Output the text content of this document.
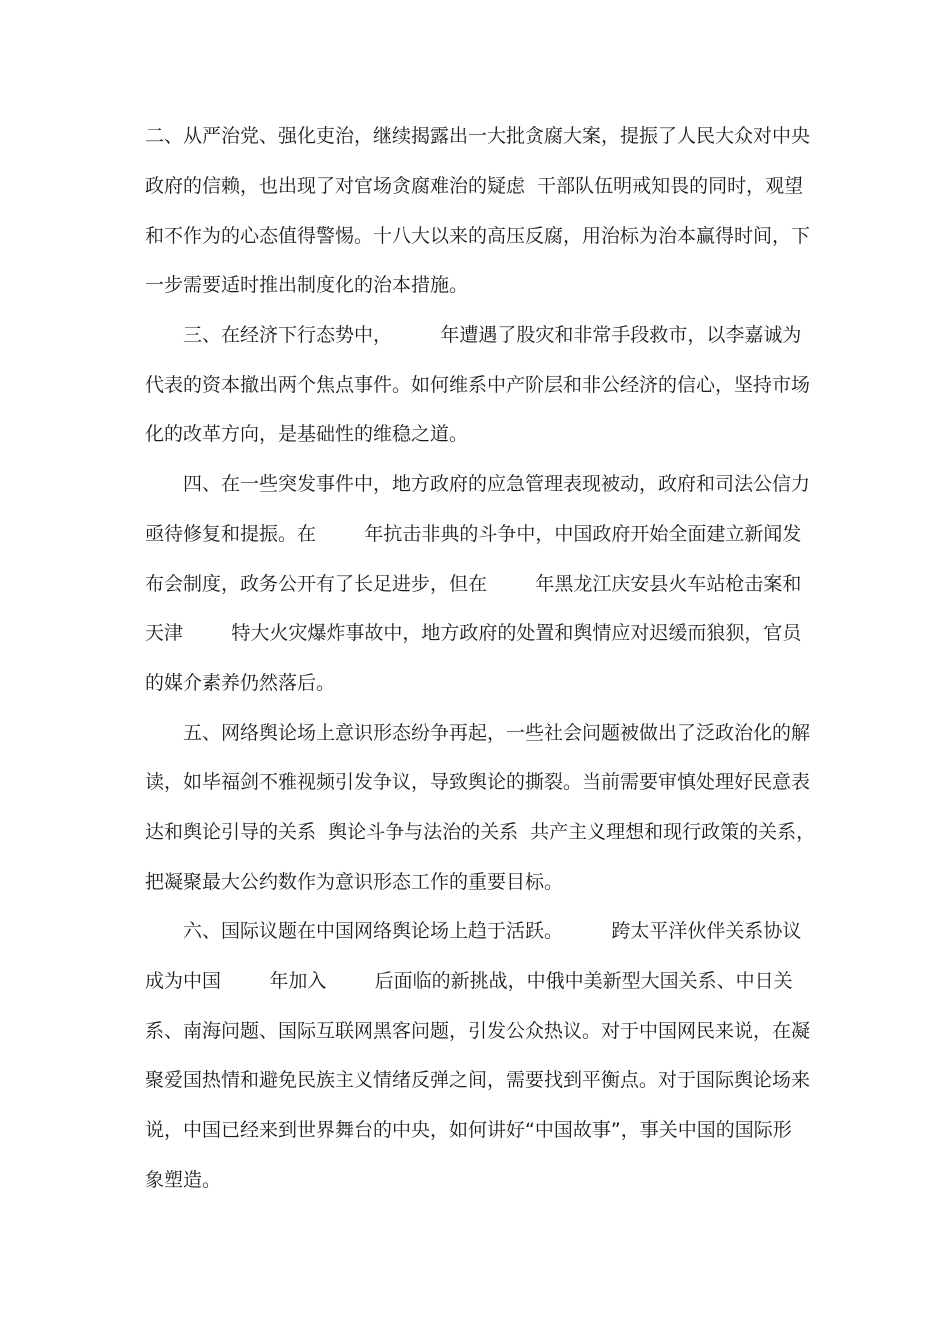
二、从严治党、强化吏治，继续揭露出一大批贪腐大案，提振了人民大众对中央
政府的信赖，也出现了对官场贪腐难治的疑虑  干部队伍明戒知畏的同时，观望
和不作为的心态值得警惕。十八大以来的高压反腐，用治标为治本赢得时间，下
一步需要适时推出制度化的治本措施。
三、在经济下行态势中，        年遭遇了股灾和非常手段救市，以李嘉诚为
代表的资本撤出两个焦点事件。如何维系中产阶层和非公经济的信心，坚持市场
化的改革方向，是基础性的维稳之道。
四、在一些突发事件中，地方政府的应急管理表现被动，政府和司法公信力
亟待修复和提振。在        年抗击非典的斗争中，中国政府开始全面建立新闻发
布会制度，政务公开有了长足进步，但在        年黑龙江庆安县火车站枪击案和
天津        特大火灾爆炸事故中，地方政府的处置和舆情应对迟缓而狼狈，官员
的媒介素养仍然落后。
五、网络舆论场上意识形态纷争再起，一些社会问题被做出了泛政治化的解
读，如毕福剑不雅视频引发争议，导致舆论的撕裂。当前需要审慎处理好民意表
达和舆论引导的关系  舆论斗争与法治的关系  共产主义理想和现行政策的关系，
把凝聚最大公约数作为意识形态工作的重要目标。
六、国际议题在中国网络舆论场上趋于活跃。        跨太平洋伙伴关系协议
成为中国        年加入        后面临的新挑战，中俄中美新型大国关系、中日关
系、南海问题、国际互联网黑客问题，引发公众热议。对于中国网民来说，在凝
聚爱国热情和避免民族主义情绪反弹之间，需要找到平衡点。对于国际舆论场来
说，中国已经来到世界舞台的中央，如何讲好“中国故事”，事关中国的国际形
象塑造。
